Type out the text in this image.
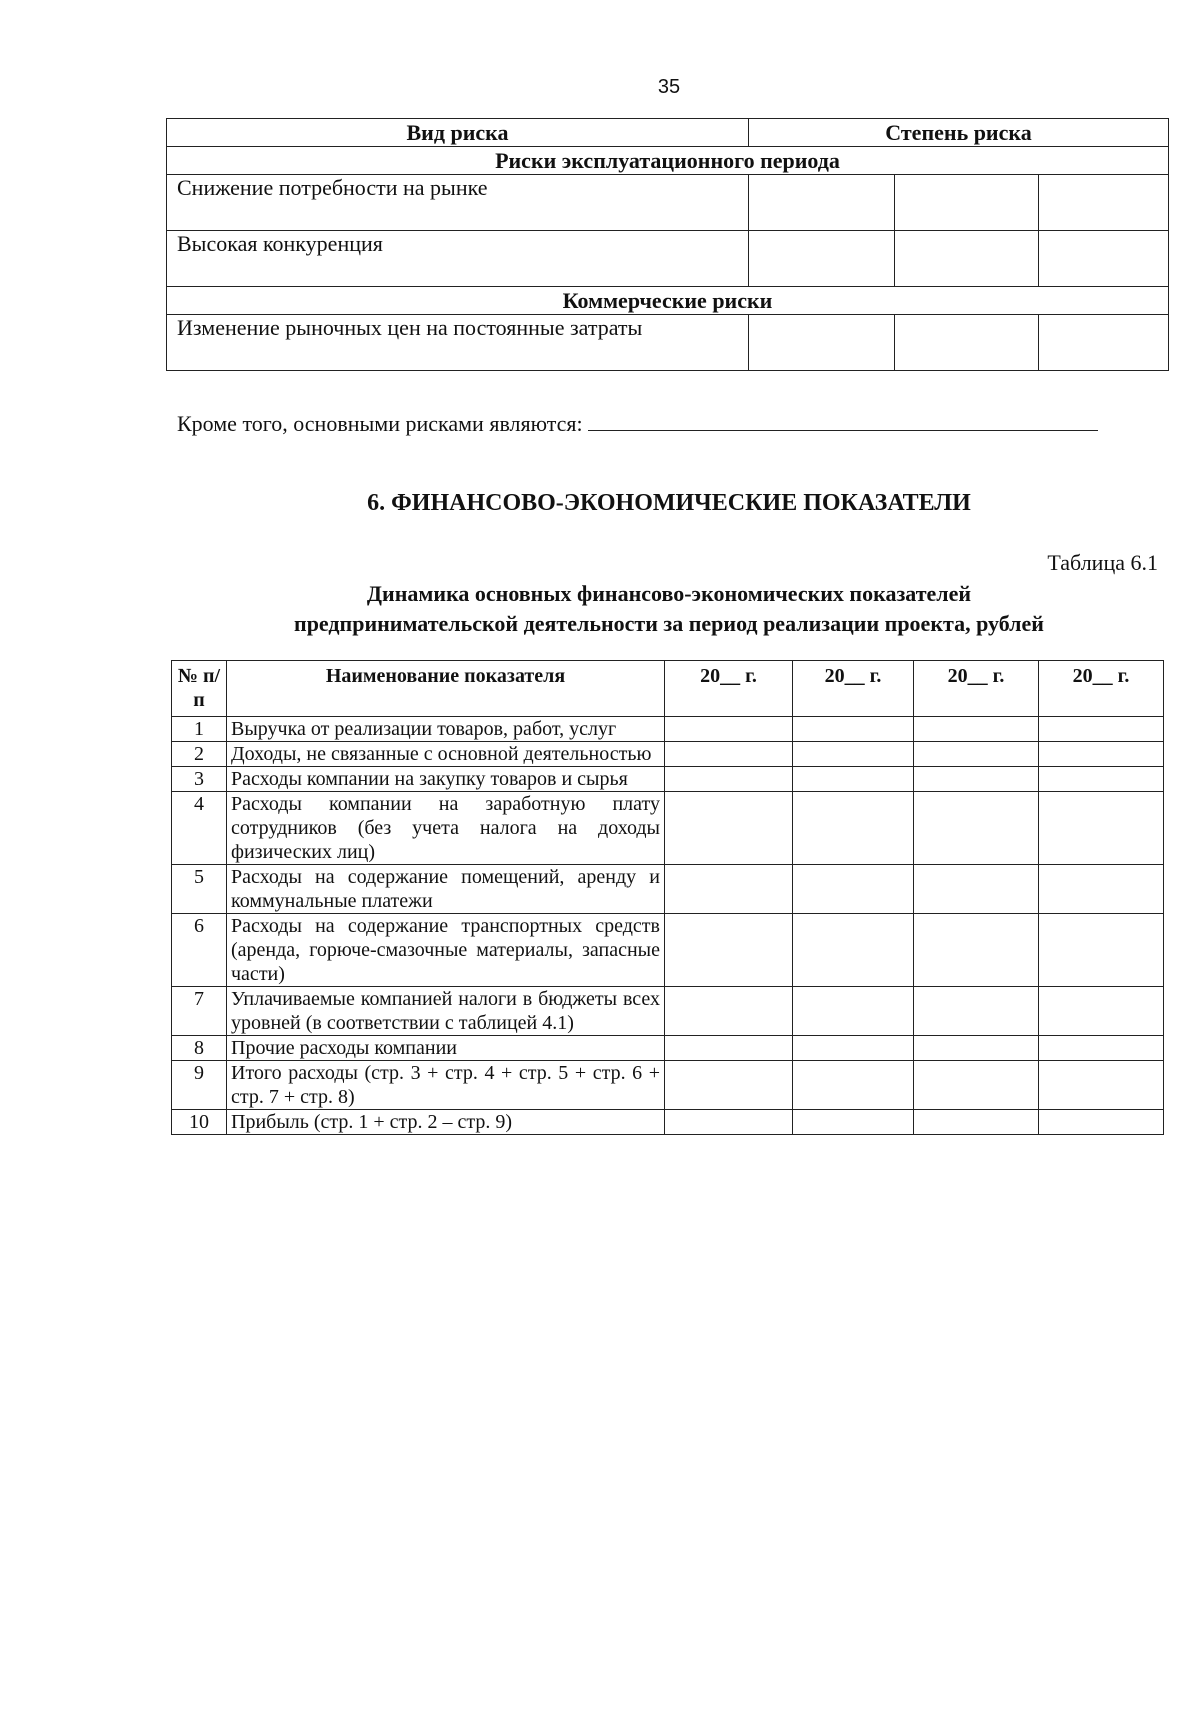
35
Вид риска	Степень риска		
Риски эксплуатационного периода			
Снижение потребности на рынке			
Высокая конкуренция			
Коммерческие риски			
Изменение рыночных цен на постоянные затраты			
Кроме того, основными рисками являются:
6. ФИНАНСОВО-ЭКОНОМИЧЕСКИЕ ПОКАЗАТЕЛИ
Таблица 6.1
Динамика основных финансово-экономических показателей
предпринимательской деятельности за период реализации проекта, рублей
№ п/п	Наименование показателя	20__ г.	20__ г.	20__ г.	20__ г.
1	Выручка от реализации товаров, работ, услуг				
2	Доходы, не связанные с основной деятельностью				
3	Расходы компании на закупку товаров и сырья				
4	Расходы компании на заработную плату сотрудников (без учета налога на доходы физических лиц)				
5	Расходы на содержание помещений, аренду и коммунальные платежи				
6	Расходы на содержание транспортных средств (аренда, горюче-смазочные материалы, запасные части)				
7	Уплачиваемые компанией налоги в бюджеты всех уровней (в соответствии с таблицей 4.1)				
8	Прочие расходы компании				
9	Итого расходы (стр. 3 + стр. 4 + стр. 5 + стр. 6 + стр. 7 + стр. 8)				
10	Прибыль (стр. 1 + стр. 2 – стр. 9)				
